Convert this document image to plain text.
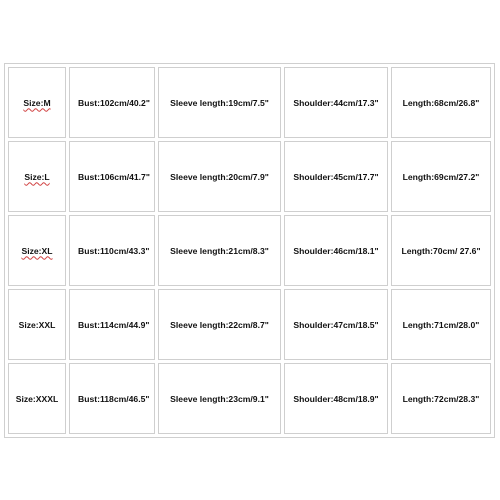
Size:M	Bust:102cm/40.2"	Sleeve length:19cm/7.5"	Shoulder:44cm/17.3"	Length:68cm/26.8"
Size:L	Bust:106cm/41.7"	Sleeve length:20cm/7.9"	Shoulder:45cm/17.7"	Length:69cm/27.2"
Size:XL	Bust:110cm/43.3"	Sleeve length:21cm/8.3"	Shoulder:46cm/18.1"	Length:70cm/ 27.6"
Size:XXL	Bust:114cm/44.9"	Sleeve length:22cm/8.7"	Shoulder:47cm/18.5"	Length:71cm/28.0"
Size:XXXL	Bust:118cm/46.5"	Sleeve length:23cm/9.1"	Shoulder:48cm/18.9"	Length:72cm/28.3"
